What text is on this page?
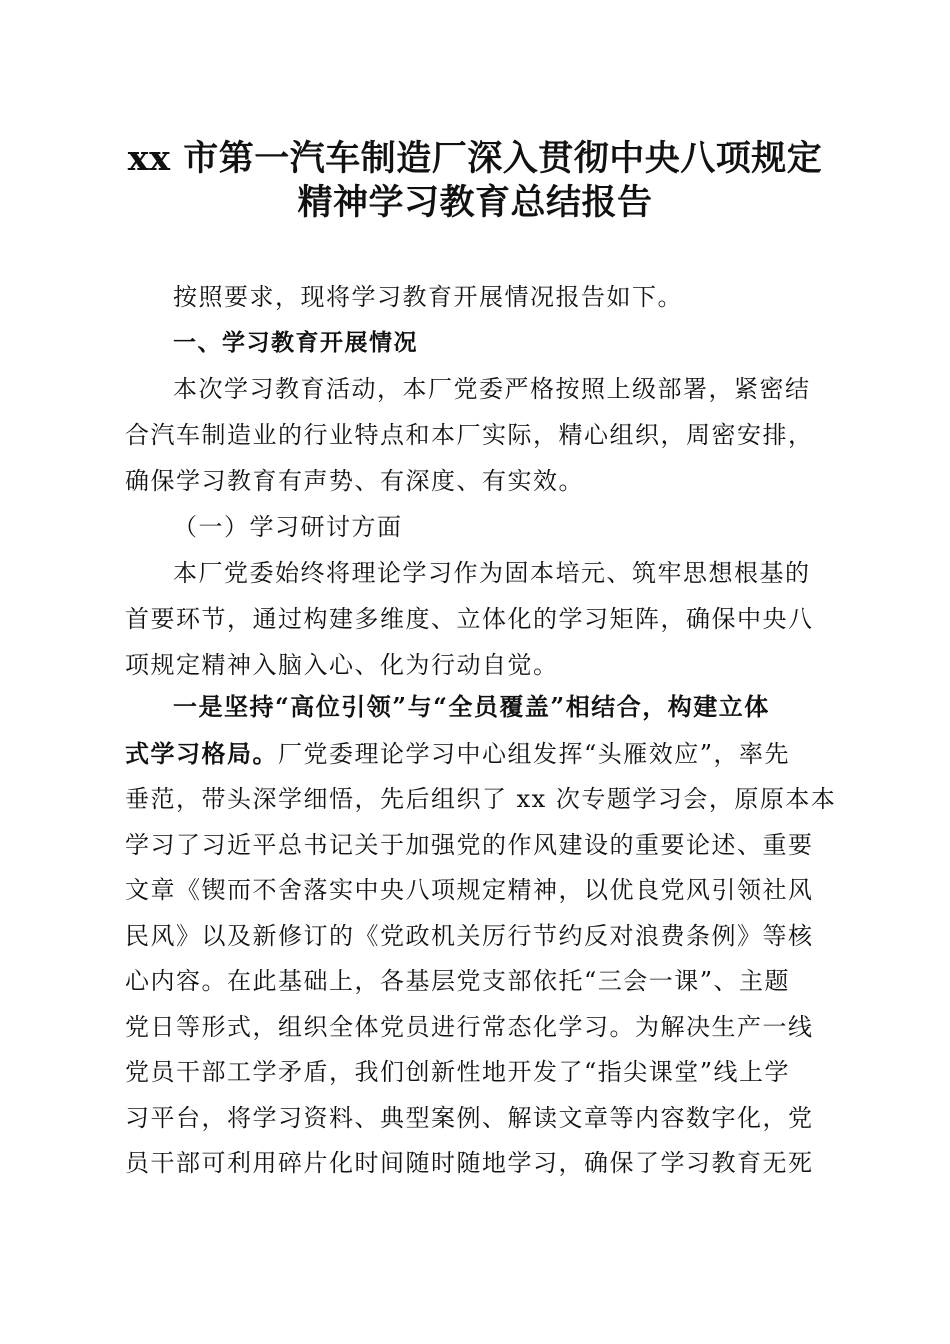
xx 市第一汽车制造厂深入贯彻中央八项规定
精神学习教育总结报告
按照要求，现将学习教育开展情况报告如下。
一、学习教育开展情况
本次学习教育活动，本厂党委严格按照上级部署，紧密结
合汽车制造业的行业特点和本厂实际，精心组织，周密安排，
确保学习教育有声势、有深度、有实效。
（一）学习研讨方面
本厂党委始终将理论学习作为固本培元、筑牢思想根基的
首要环节，通过构建多维度、立体化的学习矩阵，确保中央八
项规定精神入脑入心、化为行动自觉。
一是坚持“高位引领”与“全员覆盖”相结合，构建立体
式学习格局。厂党委理论学习中心组发挥“头雁效应”，率先
垂范，带头深学细悟，先后组织了 xx 次专题学习会，原原本本
学习了习近平总书记关于加强党的作风建设的重要论述、重要
文章《锲而不舍落实中央八项规定精神，以优良党风引领社风
民风》以及新修订的《党政机关厉行节约反对浪费条例》等核
心内容。在此基础上，各基层党支部依托“三会一课”、主题
党日等形式，组织全体党员进行常态化学习。为解决生产一线
党员干部工学矛盾，我们创新性地开发了“指尖课堂”线上学
习平台，将学习资料、典型案例、解读文章等内容数字化，党
员干部可利用碎片化时间随时随地学习，确保了学习教育无死
